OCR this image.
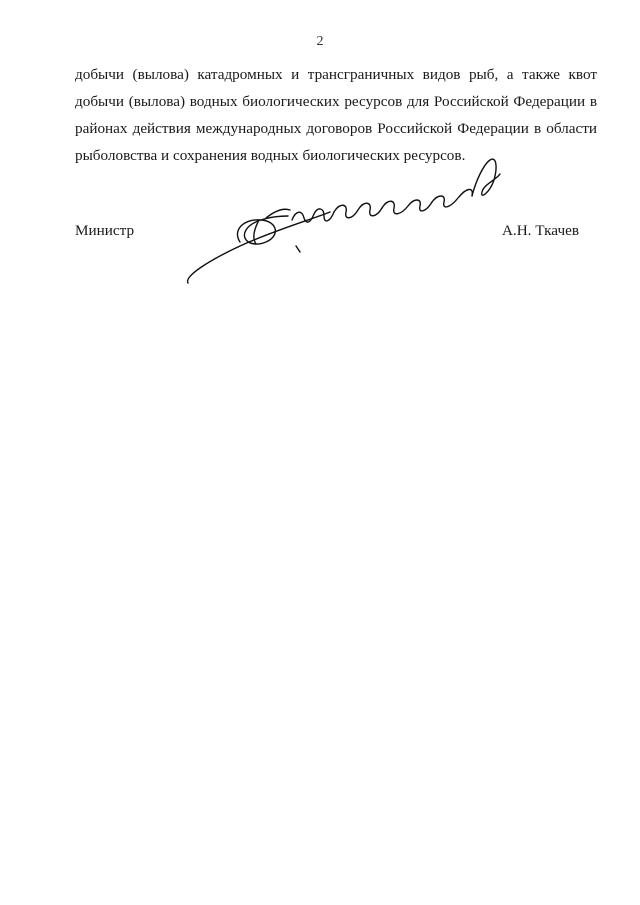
2
добычи (вылова) катадромных и трансграничных видов рыб, а также квот
добычи (вылова) водных биологических ресурсов для Российской Федерации в
районах действия международных договоров Российской Федерации в области
рыболовства и сохранения водных биологических ресурсов.
Министр	А.Н. Ткачев
